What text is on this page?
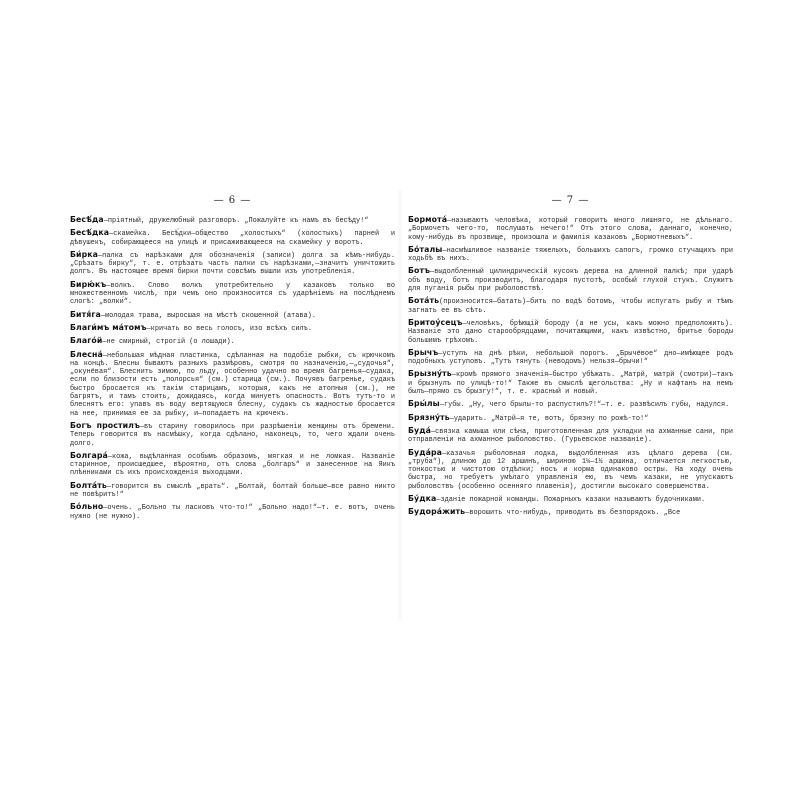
— 6 —
Бесѣ́да—пріятный, дружелюбный разговоръ. „Пожалуйте къ намъ въ бесѣду!“
Бесѣ́дка—скамейка. Бесѣ́дки—общество „холостыхъ“ (холостыхъ) парней и дѣвушекъ, собирающееся на улицѣ и присаживающееся на скамейку у воротъ.
Би́рка—палка съ нарѣзками для обозначенія (записи) долга за кѣмъ-нибудь. „Срѣзать бирку“, т. е. отрѣзать часть палки съ нарѣзками,—значитъ уничтожить долгъ. Въ настоящее время бирки почти совсѣмъ вышли изъ употребленія.
Бирю́къ—волкъ. Слово волкъ употребительно у казаковъ только во множественномъ числѣ, при чемъ оно произносится съ ударѣніемъ на послѣднемъ слогѣ: „волки́“.
Битя́га—молодая трава, выросшая на мѣстѣ скошенной (атава).
Благи́мъ ма́томъ—кричать во весь голосъ, изо всѣхъ силъ.
Благо́й—не смирный, строгій (о лошади).
Блесна́—небольшая мѣдная пластинка, сдѣланная на подобіе рыбки, съ крючкомъ на концѣ. Блесны бываютъ разныхъ размѣровъ, смотря по назначенію,—„судочья“, „окунёвая“. Блеснить зимою, по льду, особенно удачно во время багренья—судака, если по близости есть „полорсья“ (см.) старица (см.). Почуявъ багренье, судакъ быстро бросается къ такім старицамъ, которыя, какъ не атопныя (см.), не багрятъ, и тамъ стоить, дожидаясь, когда минуетъ опасность. Вотъ тутъ-то и блеснятъ его: упавъ въ воду вертящуюся блесну, судакъ съ жадностью бросается на нее, принимая ее за рыбку, и—попадаетъ на крючекъ.
Богъ простилъ—въ старину говорилось при разрѣшеніи женщины отъ бремени. Теперь говорится въ насмѣшку, когда сдѣлано, наконецъ, то, чего ждали очень долго.
Болгара́—кожа, выдѣланная особымъ образомъ, мягкая и не ломкая. Названіе старинное, происшедшее, вѣроятно, отъ слова „болгаръ“ и занесенное на Яикъ плѣнниками съ ихъ происхожденія выходцами.
Болта́ть—говорится въ смыслѣ „врать“. „Болтай, болтай больше—все равно никто не повѣритъ!“
Бо́льно—очень. „Больно ты ласковъ что-то!“ „Больно надо!“—т. е. вотъ, очень нужно (не нужно).
— 7 —
Бормота́—называютъ человѣка, который говоритъ много лишняго, не дѣльнаго. „Бормочетъ чего-то, послушать нечего!“ Отъ этого слова, даннаго, конечно, кому-нибудь въ прозвище, произошла и фамилія казаковъ „Бормотневыхъ“.
Бо́талы—насмѣшливое названіе тяжелыхъ, большихъ сапогъ, громко стучащихъ при ходьбѣ въ нихъ.
Ботъ—выдолбленный цилиндрическій кусокъ дерева на длинной палкѣ; при ударѣ объ воду, ботъ производитъ, благодаря пустотѣ, особый глухой стукъ. Служитъ для пуганія рыбы при рыболовствѣ.
Бота́ть(произносится—батать)—бить по водѣ ботомъ, чтобы испугать рыбу и тѣмъ загнать ее въ сѣть.
Бритоу́сецъ—человѣкъ, брѣющій бороду (а не усы, какъ можно предположить). Названіе это дано старообрядцами, почитающими, какъ извѣстно, бритье бороды большимъ грѣхомъ.
Брычъ—уступъ на днѣ рѣки, небольшой порогъ. „Брычёвое“ дно—имѣющее родъ подобныхъ уступовъ. „Тутъ тянуть (неводомъ) нельзя—брычи!“
Брызну́ть—кромѣ прямого значенія—быстро убѣжать. „Матрй, матрй (смотри)—такъ и брызнулъ по улицѣ-то!“ Также въ смыслѣ щегольства: „Ну и кафтанъ на немъ былъ—прямо съ брызгу!“, т. е. красный и новый.
Бры́лы—губы. „Ну, чего брылы-то распустилъ?!“—т. е. развѣсилъ губы, надулся.
Брязну́ть—ударить. „Матрй—я те, вотъ, брязну по рожѣ-то!“
Буда́—связка камыша или сѣна, приготовленная для укладки на ахманные сани, при отправленіи на ахманное рыболовство. (Гурьевское названіе).
Буда́ра—казачья рыболовная лодка, выдолбленная изъ цѣлаго дерева (см. „труба“), длиною до 12 аршинъ, шириною 1¼—1½ аршина, отличается легкостью, тонкостью и чистотою отдѣлки; носъ и корма одинаково остры. На ходу очень быстра, но требуетъ умѣлаго управленія ею, въ чемъ казаки, не упускаютъ рыболовствъ (особенно осенняго плавенія), достигли высокаго совершенства.
Бу́дка—зданіе пожарной команды. Пожарныхъ казаки называютъ будочниками.
Будора́жить—ворошить что-нибудь, приводить въ безпорядокъ. „Все
